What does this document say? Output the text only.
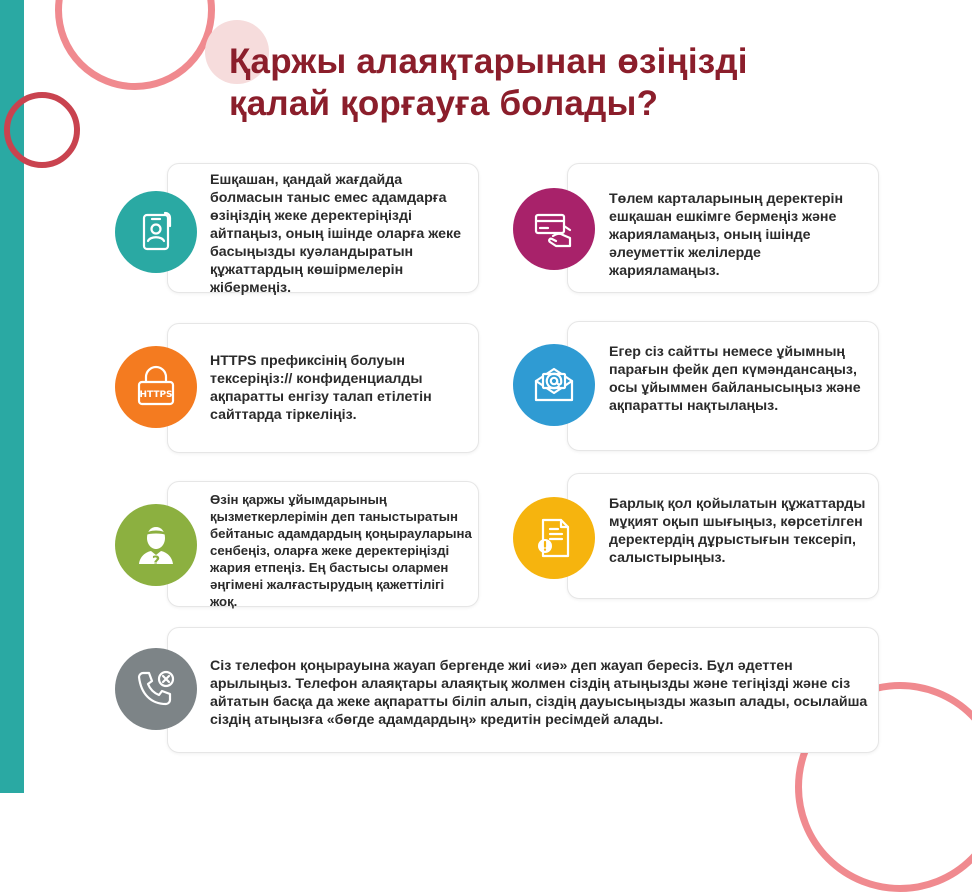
Қаржы алаяқтарынан өзіңізді
қалай қорғауға болады?
Ешқашан, қандай жағдайда болмасын таныс емес адамдарға өзіңіздің жеке деректеріңізді айтпаңыз, оның ішінде оларға жеке басыңызды куәландыратын құжаттардың көшірмелерін жібермеңіз.
Төлем карталарының деректерін ешқашан ешкімге бермеңіз және жарияламаңыз, оның ішінде әлеуметтік желілерде жарияламаңыз.
HTTPS префиксінің болуын тексеріңіз:// конфиденциалды ақпаратты енгізу талап етілетін сайттарда тіркеліңіз.
HTTPS
Егер сіз сайтты немесе ұйымның парағын фейк деп күмәндансаңыз, осы ұйыммен байланысыңыз және ақпаратты нақтылаңыз.
Өзін қаржы ұйымдарының қызметкерлерімін деп таныстыратын бейтаныс адамдардың қоңырауларына сенбеңіз, оларға жеке деректеріңізді жария етпеңіз. Ең бастысы олармен әңгімені жалғастырудың қажеттілігі жоқ.
?
Барлық қол қойылатын құжаттарды мұқият оқып шығыңыз, көрсетілген деректердің дұрыстығын тексеріп, салыстырыңыз.
Сіз телефон қоңырауына жауап бергенде жиі «иә» деп жауап бересіз. Бұл әдеттен арылыңыз. Телефон алаяқтары алаяқтық жолмен сіздің атыңызды және тегіңізді және сіз айтатын басқа да жеке ақпаратты біліп алып, сіздің дауысыңызды жазып алады, осылайша сіздің атыңызға «бөгде адамдардың» кредитін ресімдей алады.
